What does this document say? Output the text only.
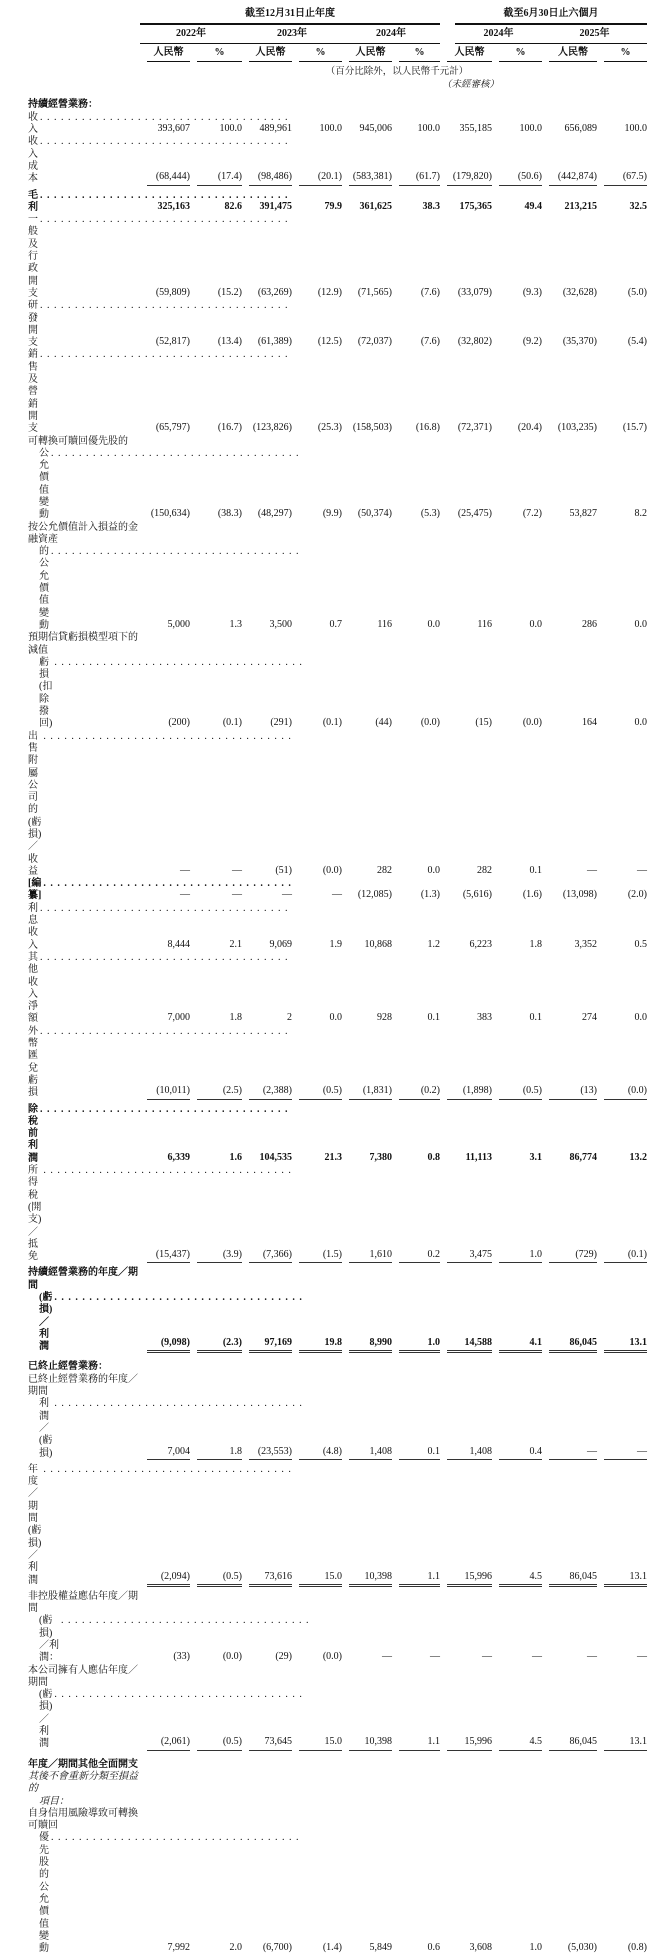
截至12月31日止年度	截至6月30日止六個月
2022年	2023年	2024年	2024年	2025年
人民幣	%	人民幣	%	人民幣	%	人民幣	%	人民幣	%
（百分比除外，以人民幣千元計）
（未經審核）
持續經營業務：
收入
. . .	393,607	100.0	489,961	100.0	945,006	100.0	355,185	100.0	656,089	100.0
收入成本
. . .	(68,444)	(17.4)	(98,486)	(20.1)	(583,381)	(61.7)	(179,820)	(50.6)	(442,874)	(67.5)
毛利
. . .	325,163	82.6	391,475	79.9	361,625	38.3	175,365	49.4	213,215	32.5
一般及行政開支
. . .	(59,809)	(15.2)	(63,269)	(12.9)	(71,565)	(7.6)	(33,079)	(9.3)	(32,628)	(5.0)
研發開支
. . .	(52,817)	(13.4)	(61,389)	(12.5)	(72,037)	(7.6)	(32,802)	(9.2)	(35,370)	(5.4)
銷售及營銷開支
. . .	(65,797)	(16.7)	(123,826)	(25.3)	(158,503)	(16.8)	(72,371)	(20.4)	(103,235)	(15.7)
可轉換可贖回優先股的
公允價值變動
. . .	(150,634)	(38.3)	(48,297)	(9.9)	(50,374)	(5.3)	(25,475)	(7.2)	53,827	8.2
按公允價值計入損益的金融資產
的公允價值變動
. . .	5,000	1.3	3,500	0.7	116	0.0	116	0.0	286	0.0
預期信貸虧損模型項下的減值
虧損(扣除撥回)
. . .	(200)	(0.1)	(291)	(0.1)	(44)	(0.0)	(15)	(0.0)	164	0.0
出售附屬公司的(虧損)／收益
. . .	—	—	(51)	(0.0)	282	0.0	282	0.1	—	—
[編纂]
. . .	—	—	—	—	(12,085)	(1.3)	(5,616)	(1.6)	(13,098)	(2.0)
利息收入
. . .	8,444	2.1	9,069	1.9	10,868	1.2	6,223	1.8	3,352	0.5
其他收入淨額
. . .	7,000	1.8	2	0.0	928	0.1	383	0.1	274	0.0
外幣匯兌虧損
. . .	(10,011)	(2.5)	(2,388)	(0.5)	(1,831)	(0.2)	(1,898)	(0.5)	(13)	(0.0)
除稅前利潤
. . .	6,339	1.6	104,535	21.3	7,380	0.8	11,113	3.1	86,774	13.2
所得稅(開支)／抵免
. . .	(15,437)	(3.9)	(7,366)	(1.5)	1,610	0.2	3,475	1.0	(729)	(0.1)
持續經營業務的年度／期間
(虧損)／利潤
. . .	(9,098)	(2.3)	97,169	19.8	8,990	1.0	14,588	4.1	86,045	13.1
已終止經營業務：
已終止經營業務的年度／期間
利潤／(虧損)
. . .	7,004	1.8	(23,553)	(4.8)	1,408	0.1	1,408	0.4	—	—
年度／期間(虧損)／利潤
. . .	(2,094)	(0.5)	73,616	15.0	10,398	1.1	15,996	4.5	86,045	13.1
非控股權益應佔年度／期間
(虧損)／利潤：
. . .	(33)	(0.0)	(29)	(0.0)	—	—	—	—	—	—
本公司擁有人應佔年度／期間
(虧損)／利潤
. . .	(2,061)	(0.5)	73,645	15.0	10,398	1.1	15,996	4.5	86,045	13.1
年度／期間其他全面開支
其後不會重新分類至損益的
項目：
自身信用風險導致可轉換可贖回
優先股的公允價值變動
. . .	7,992	2.0	(6,700)	(1.4)	5,849	0.6	3,608	1.0	(5,030)	(0.8)
